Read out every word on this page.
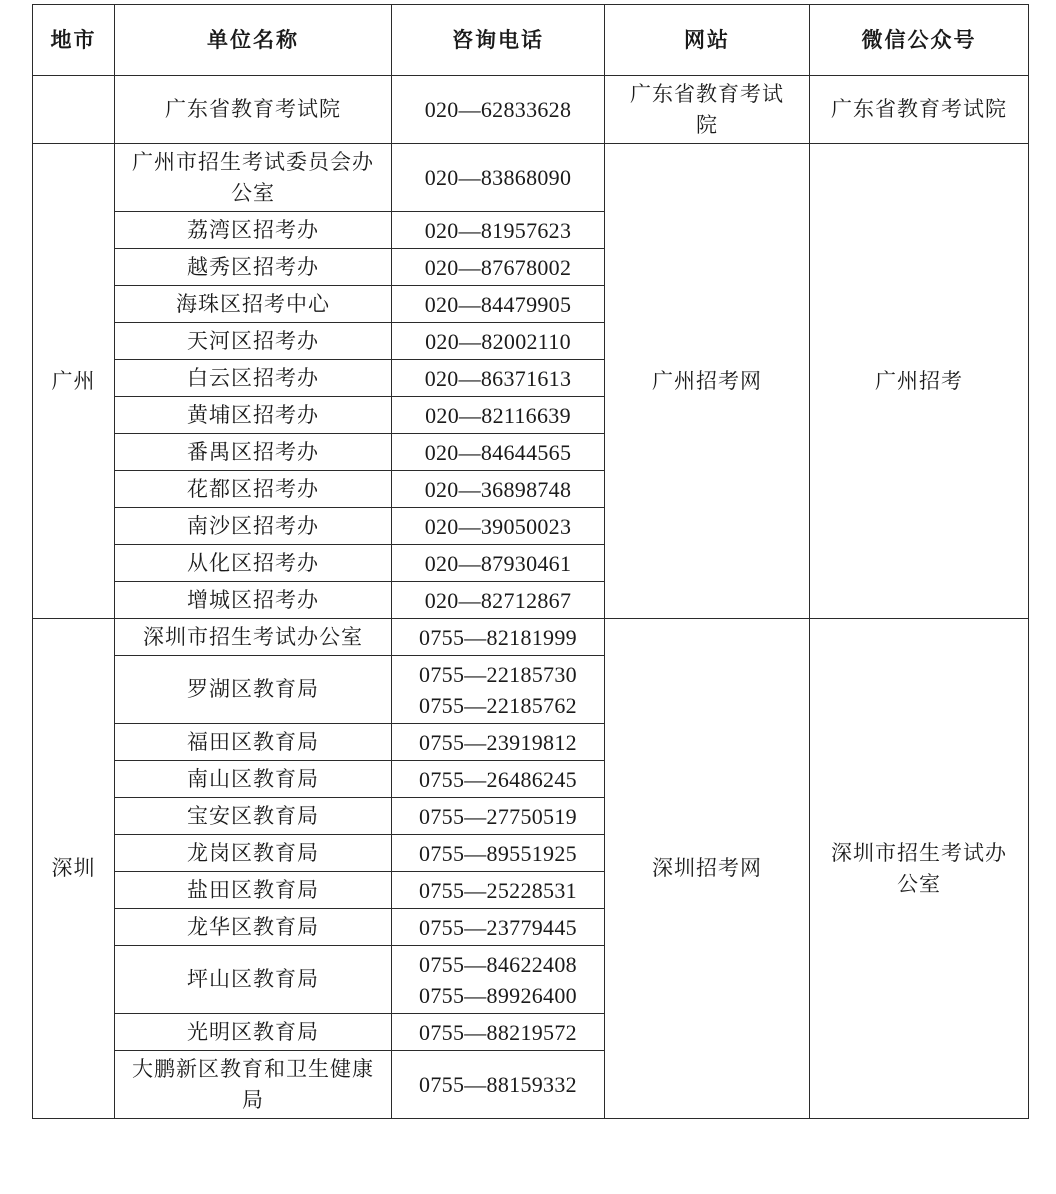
地市	单位名称	咨询电话	网站	微信公众号
	广东省教育考试院	020—62833628	广东省教育考试院	广东省教育考试院
广州	广州市招生考试委员会办公室	020—83868090	广州招考网	广州招考
	荔湾区招考办	020—81957623		
	越秀区招考办	020—87678002		
	海珠区招考中心	020—84479905		
	天河区招考办	020—82002110		
	白云区招考办	020—86371613		
	黄埔区招考办	020—82116639		
	番禺区招考办	020—84644565		
	花都区招考办	020—36898748		
	南沙区招考办	020—39050023		
	从化区招考办	020—87930461		
	增城区招考办	020—82712867		
深圳	深圳市招生考试办公室	0755—82181999	深圳招考网	深圳市招生考试办公室
	罗湖区教育局	0755—22185730
0755—22185762		

	福田区教育局	0755—23919812		

	南山区教育局	0755—26486245		

	宝安区教育局	0755—27750519		

	龙岗区教育局	0755—89551925		

	盐田区教育局	0755—25228531		

	龙华区教育局	0755—23779445		

	坪山区教育局	0755—84622408
0755—89926400		

	光明区教育局	0755—88219572		

	大鹏新区教育和卫生健康局	0755—88159332		
